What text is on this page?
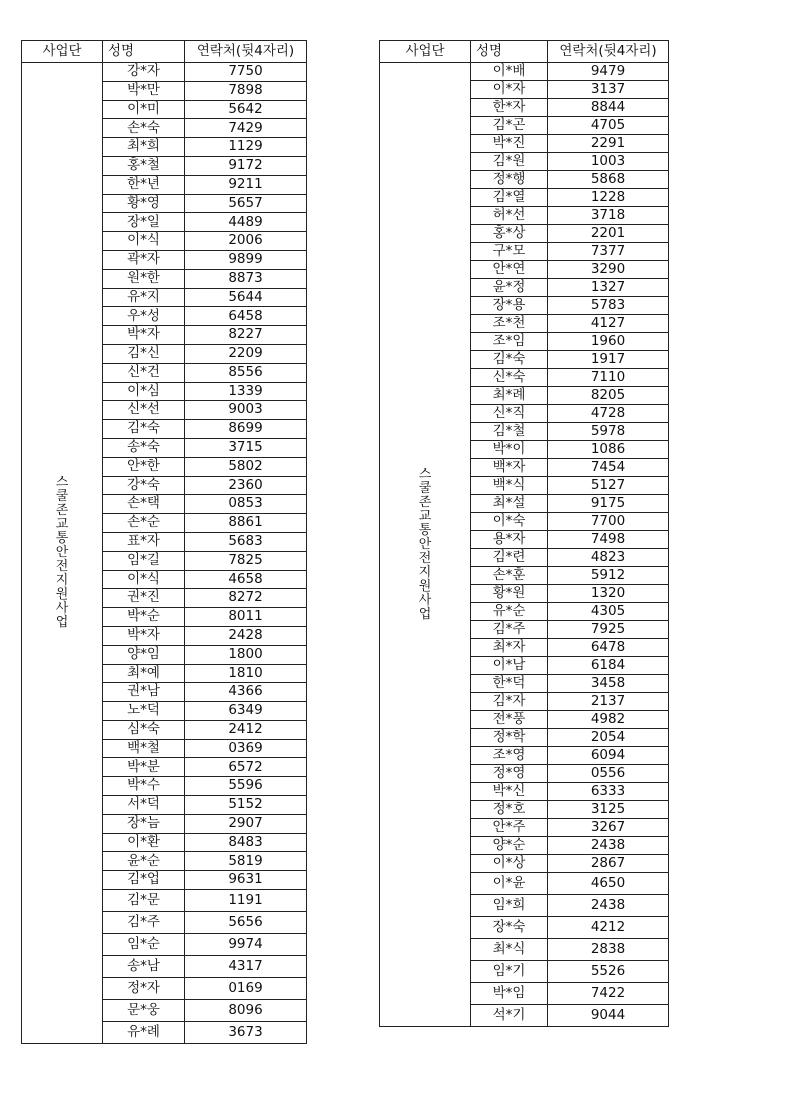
사업단	성명	연락처(뒷4자리)
스쿨존교통안전지원사업	강*자	7750
	박*만	7898
	이*미	5642
	손*숙	7429
	최*희	1129
	홍*철	9172
	한*년	9211
	황*영	5657
	장*일	4489
	이*식	2006
	곽*자	9899
	원*한	8873
	유*지	5644
	우*성	6458
	박*자	8227
	김*신	2209
	신*건	8556
	이*심	1339
	신*선	9003
	김*숙	8699
	송*숙	3715
	안*한	5802
	강*숙	2360
	손*택	0853
	손*순	8861
	표*자	5683
	임*길	7825
	이*식	4658
	권*진	8272
	박*순	8011
	박*자	2428
	양*임	1800
	최*예	1810
	권*남	4366
	노*덕	6349
	심*숙	2412
	백*철	0369
	박*분	6572
	박*수	5596
	서*덕	5152
	장*늠	2907
	이*환	8483
	윤*순	5819
	김*업	9631
	김*문	1191
	김*주	5656
	임*순	9974
	송*남	4317
	정*자	0169
	문*웅	8096
	유*례	3673
사업단	성명	연락처(뒷4자리)
스쿨존교통안전지원사업	이*배	9479
	이*자	3137
	한*자	8844
	김*곤	4705
	박*진	2291
	김*원	1003
	정*행	5868
	김*열	1228
	허*선	3718
	홍*상	2201
	구*모	7377
	안*연	3290
	윤*정	1327
	장*용	5783
	조*천	4127
	조*임	1960
	김*숙	1917
	신*숙	7110
	최*례	8205
	신*직	4728
	김*철	5978
	박*이	1086
	백*자	7454
	백*식	5127
	최*설	9175
	이*숙	7700
	용*자	7498
	김*련	4823
	손*훈	5912
	황*원	1320
	유*순	4305
	김*주	7925
	최*자	6478
	이*남	6184
	한*덕	3458
	김*자	2137
	전*풍	4982
	정*학	2054
	조*영	6094
	정*영	0556
	박*신	6333
	정*호	3125
	안*주	3267
	양*순	2438
	이*상	2867
	이*윤	4650
	임*희	2438
	장*숙	4212
	최*식	2838
	임*기	5526
	박*임	7422
	석*기	9044
